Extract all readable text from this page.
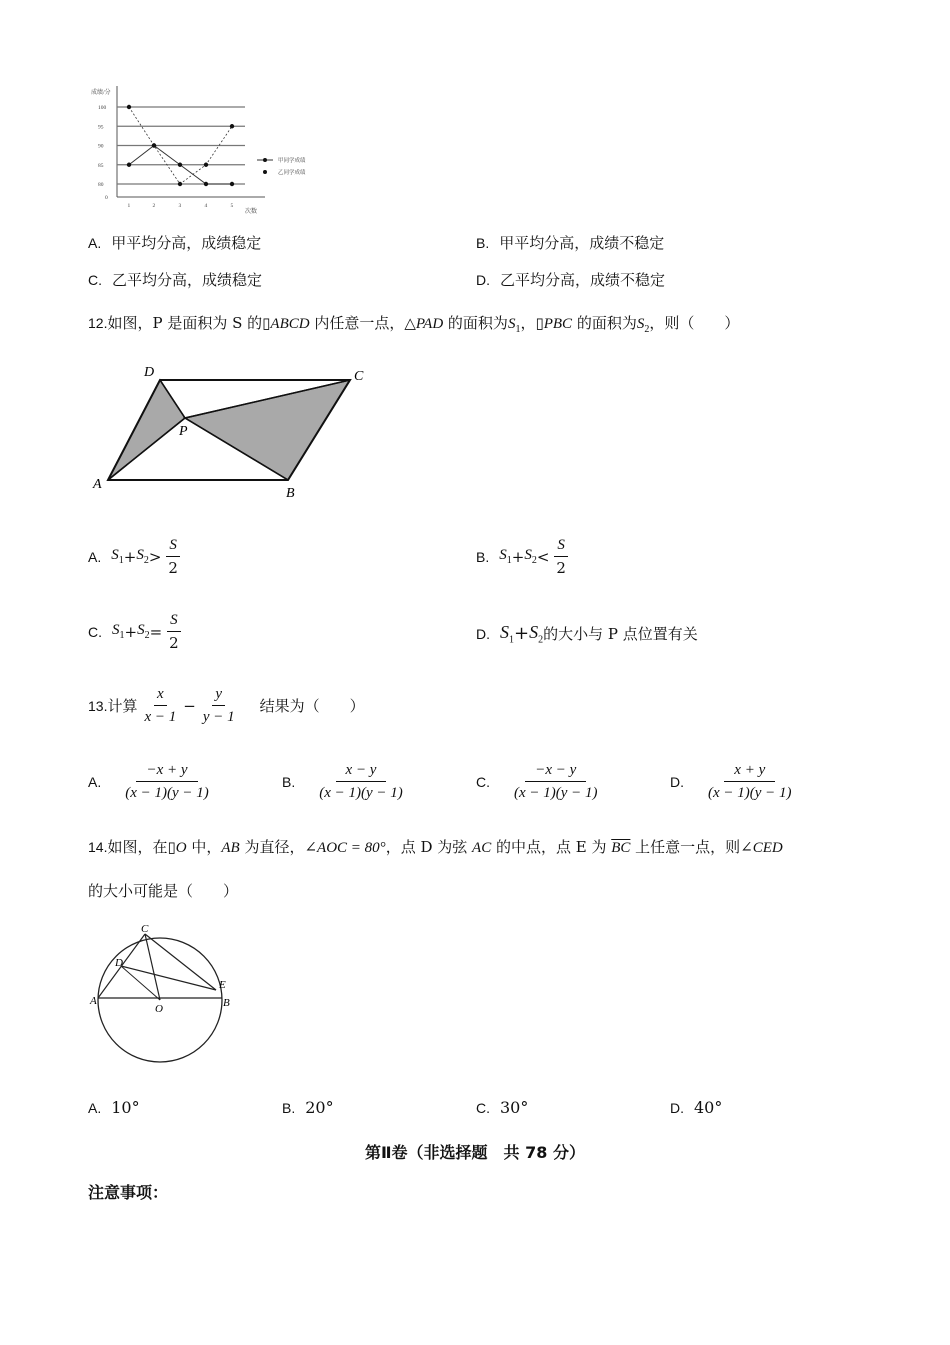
成绩/分
次数
100
95
90
85
80
0
1	2	3	4	5
甲同学成绩
乙同学成绩
A. 甲平均分高，成绩稳定	B. 甲平均分高，成绩不稳定
C. 乙平均分高，成绩稳定	D. 乙平均分高，成绩不稳定
12.如图，P 是面积为 S 的▯ABCD 内任意一点，△PAD 的面积为$S_1$，▯PBC 的面积为$S_2$，则（　　）
D	C
P
A
B
A. $S_1 + S_2 > \frac{S}{2}$	B. $S_1 + S_2 < \frac{S}{2}$
C. $S_1 + S_2 = \frac{S}{2}$	D. $S_1 + S_2$ 的大小与 P 点位置有关
13. 计算 $\frac{x}{x - 1} - \frac{y}{y - 1}$ 结果为（　　）
A. $\frac{-x + y}{(x - 1)(y - 1)}$	B. $\frac{x - y}{(x - 1)(y - 1)}$	C. $\frac{-x - y}{(x - 1)(y - 1)}$	D. $\frac{x + y}{(x - 1)(y - 1)}$
14.如图，在▯O 中，AB 为直径，∠AOC = 80°，点 D 为弦 AC 的中点，点 E 为 $\overline{BC}$ 上任意一点，则∠CED
的大小可能是（　　）
C
D
E
A
O	B
A. 10°	B. 20°	C. 30°	D. 40°
第Ⅱ卷（非选择题　共 78 分）
注意事项：
